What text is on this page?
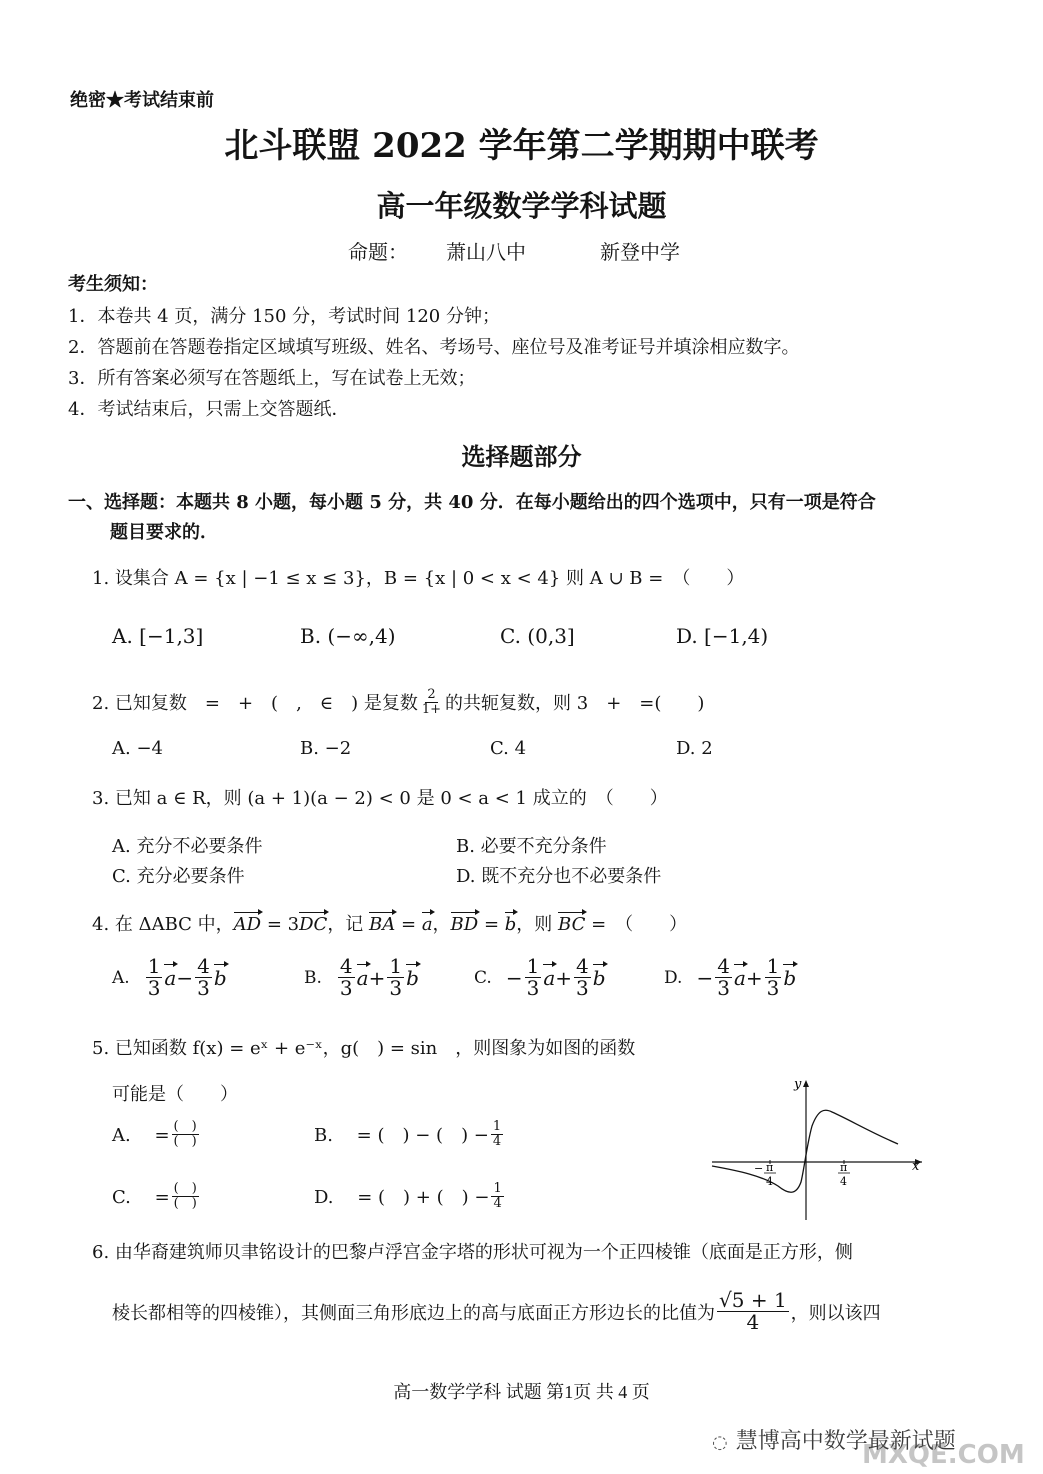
绝密★考试结束前
北斗联盟 2022 学年第二学期期中联考
高一年级数学学科试题
命题： 萧山八中	新登中学
考生须知：
1．本卷共 4 页，满分 150 分，考试时间 120 分钟；
2．答题前在答题卷指定区域填写班级、姓名、考场号、座位号及准考证号并填涂相应数字。
3．所有答案必须写在答题纸上，写在试卷上无效；
4．考试结束后，只需上交答题纸．
选择题部分
一、选择题：本题共 8 小题，每小题 5 分，共 40 分．在每小题给出的四个选项中，只有一项是符合
题目要求的．
1. 设集合 A = {x | −1 ≤ x ≤ 3}，B = {x | 0 < x < 4} 则 A ∪ B =　（　　）
A. [−1,3]	B. (−∞,4)	C. (0,3]	D. [−1,4)
2. 已知复数　=　+　(　,　∈　) 是复数 $\frac{2}{1+}$ 的共轭复数，则 3　+　=(　　)
A. −4	B. −2	C. 4	D. 2
3. 已知 a ∈ R，则 (a + 1)(a − 2) < 0 是 0 < a < 1 成立的　（　　）
A. 充分不必要条件	B. 必要不充分条件
C. 充分必要条件	D. 既不充分也不必要条件
4. 在 ΔABC 中，AD = 3DC，记 BA = a，BD = b，则 BC =　（　　）
A. $\frac{1}{3}$ $a - \frac{4}{3}$ b	B. $\frac{4}{3}$ $a + \frac{1}{3}$ b	C. − $\frac{1}{3}$ $a + \frac{4}{3}$ b	D. − $\frac{4}{3}$ $a + \frac{1}{3}$ b
5. 已知函数 f(x) = eˣ + e⁻ˣ，g(　) = sin　，则图象为如图的函数
可能是（　　）
A.　 = $\frac{( )}{( )}$	B.　 = (　) − (　) − $\frac{1}{4}$
C.　 = $\frac{( )}{( )}$	D.　 = (　) + (　) − $\frac{1}{4}$
y
x
− π
4
π
4
6. 由华裔建筑师贝聿铭设计的巴黎卢浮宫金字塔的形状可视为一个正四棱锥（底面是正方形，侧
棱长都相等的四棱锥），其侧面三角形底边上的高与底面正方形边长的比值为 $\frac{√5 + 1}{4}$ ，则以该四
高一数学学科 试题 第1页 共 4 页
◌ 慧博高中数学最新试题
MXQE.COM
